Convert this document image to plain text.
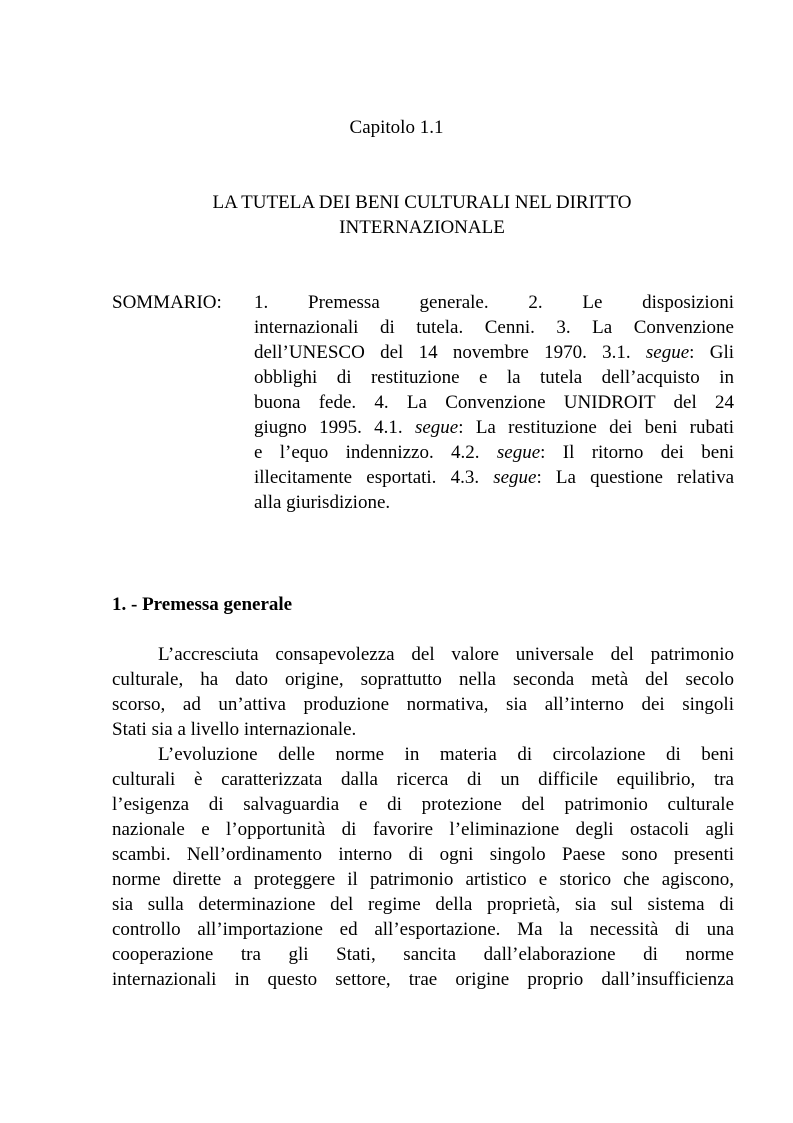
Capitolo 1.1
LA TUTELA DEI BENI CULTURALI NEL DIRITTO
INTERNAZIONALE
SOMMARIO: 1. Premessa generale. 2. Le disposizioni
internazionali di tutela. Cenni. 3. La Convenzione
dell’UNESCO del 14 novembre 1970. 3.1. segue: Gli
obblighi di restituzione e la tutela dell’acquisto in
buona fede. 4. La Convenzione UNIDROIT del 24
giugno 1995. 4.1. segue: La restituzione dei beni rubati
e l’equo indennizzo. 4.2. segue: Il ritorno dei beni
illecitamente esportati. 4.3. segue: La questione relativa
alla giurisdizione.
1. - Premessa generale
L’accresciuta consapevolezza del valore universale del patrimonio
culturale, ha dato origine, soprattutto nella seconda metà del secolo
scorso, ad un’attiva produzione normativa, sia all’interno dei singoli
Stati sia a livello internazionale.
L’evoluzione delle norme in materia di circolazione di beni
culturali è caratterizzata dalla ricerca di un difficile equilibrio, tra
l’esigenza di salvaguardia e di protezione del patrimonio culturale
nazionale e l’opportunità di favorire l’eliminazione degli ostacoli agli
scambi. Nell’ordinamento interno di ogni singolo Paese sono presenti
norme dirette a proteggere il patrimonio artistico e storico che agiscono,
sia sulla determinazione del regime della proprietà, sia sul sistema di
controllo all’importazione ed all’esportazione. Ma la necessità di una
cooperazione tra gli Stati, sancita dall’elaborazione di norme
internazionali in questo settore, trae origine proprio dall’insufficienza
